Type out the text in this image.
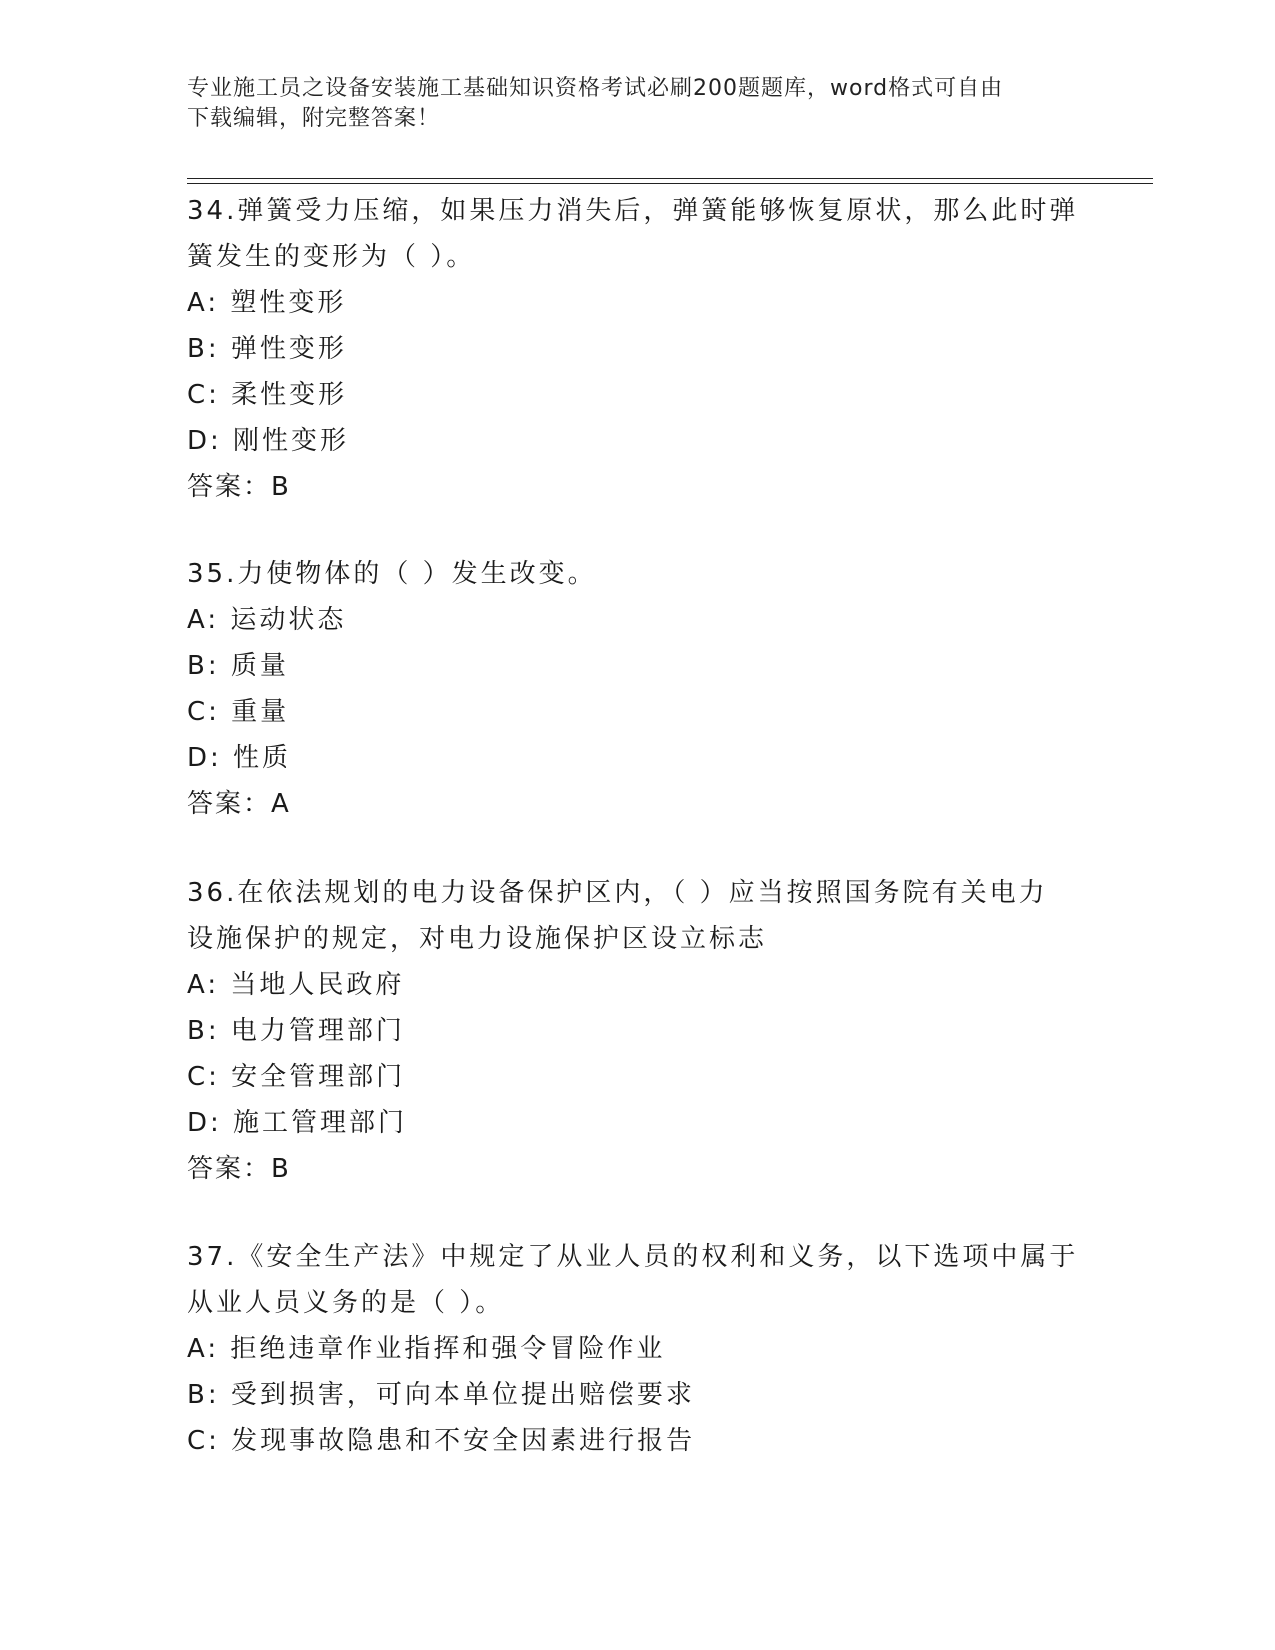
专业施工员之设备安装施工基础知识资格考试必刷200题题库，word格式可自由
下载编辑，附完整答案！
34.弹簧受力压缩，如果压力消失后，弹簧能够恢复原状，那么此时弹
簧发生的变形为（ ）。
A: 塑性变形
B: 弹性变形
C: 柔性变形
D: 刚性变形
答案：B
35.力使物体的（ ）发生改变。
A: 运动状态
B: 质量
C: 重量
D: 性质
答案：A
36.在依法规划的电力设备保护区内，（ ）应当按照国务院有关电力
设施保护的规定，对电力设施保护区设立标志
A: 当地人民政府
B: 电力管理部门
C: 安全管理部门
D: 施工管理部门
答案：B
37.《安全生产法》中规定了从业人员的权利和义务，以下选项中属于
从业人员义务的是（ ）。
A: 拒绝违章作业指挥和强令冒险作业
B: 受到损害，可向本单位提出赔偿要求
C: 发现事故隐患和不安全因素进行报告
